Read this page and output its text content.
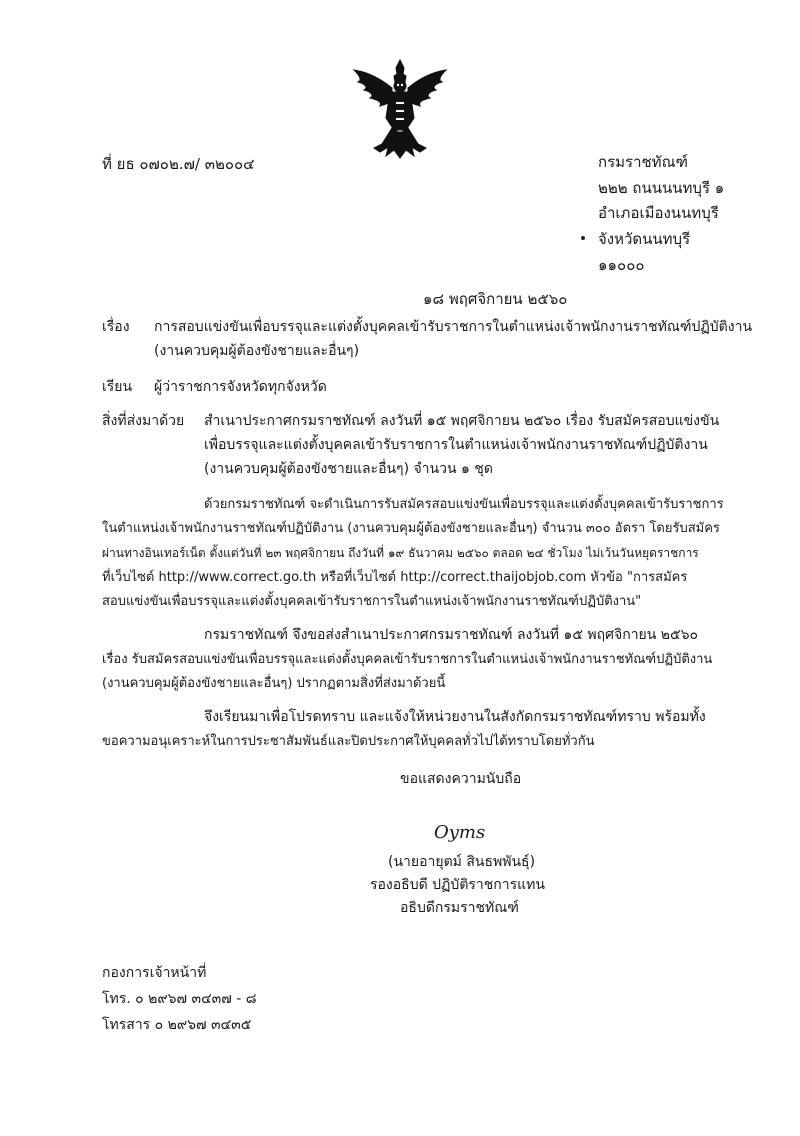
ที่ ยธ ๐๗๐๒.๗/ ๓๒๐๐๔	กรมราชทัณฑ์
๒๒๒ ถนนนนทบุรี ๑
อำเภอเมืองนนทบุรี
จังหวัดนนทบุรี
๑๑๐๐๐
๑๘ พฤศจิกายน ๒๕๖๐
เรื่อง การสอบแข่งขันเพื่อบรรจุและแต่งตั้งบุคคลเข้ารับราชการในตำแหน่งเจ้าพนักงานราชทัณฑ์ปฏิบัติงาน
(งานควบคุมผู้ต้องขังชายและอื่นๆ)
เรียน ผู้ว่าราชการจังหวัดทุกจังหวัด
สิ่งที่ส่งมาด้วย สำเนาประกาศกรมราชทัณฑ์ ลงวันที่ ๑๕ พฤศจิกายน ๒๕๖๐ เรื่อง รับสมัครสอบแข่งขัน
เพื่อบรรจุและแต่งตั้งบุคคลเข้ารับราชการในตำแหน่งเจ้าพนักงานราชทัณฑ์ปฏิบัติงาน
(งานควบคุมผู้ต้องขังชายและอื่นๆ) จำนวน ๑ ชุด
ด้วยกรมราชทัณฑ์ จะดำเนินการรับสมัครสอบแข่งขันเพื่อบรรจุและแต่งตั้งบุคคลเข้ารับราชการ
ในตำแหน่งเจ้าพนักงานราชทัณฑ์ปฏิบัติงาน (งานควบคุมผู้ต้องขังชายและอื่นๆ) จำนวน ๓๐๐ อัตรา โดยรับสมัคร
ผ่านทางอินเทอร์เน็ต ตั้งแต่วันที่ ๒๓ พฤศจิกายน ถึงวันที่ ๑๙ ธันวาคม ๒๕๖๐ ตลอด ๒๔ ชั่วโมง ไม่เว้นวันหยุดราชการ
ที่เว็บไซต์ http://www.correct.go.th หรือที่เว็บไซต์ http://correct.thaijobjob.com หัวข้อ "การสมัคร
สอบแข่งขันเพื่อบรรจุและแต่งตั้งบุคคลเข้ารับราชการในตำแหน่งเจ้าพนักงานราชทัณฑ์ปฏิบัติงาน"
กรมราชทัณฑ์ จึงขอส่งสำเนาประกาศกรมราชทัณฑ์ ลงวันที่ ๑๕ พฤศจิกายน ๒๕๖๐
เรื่อง รับสมัครสอบแข่งขันเพื่อบรรจุและแต่งตั้งบุคคลเข้ารับราชการในตำแหน่งเจ้าพนักงานราชทัณฑ์ปฏิบัติงาน
(งานควบคุมผู้ต้องขังชายและอื่นๆ) ปรากฏตามสิ่งที่ส่งมาด้วยนี้
จึงเรียนมาเพื่อโปรดทราบ และแจ้งให้หน่วยงานในสังกัดกรมราชทัณฑ์ทราบ พร้อมทั้ง
ขอความอนุเคราะห์ในการประชาสัมพันธ์และปิดประกาศให้บุคคลทั่วไปได้ทราบโดยทั่วกัน
ขอแสดงความนับถือ
Oyms
(นายอายุตม์ สินธพพันธุ์)
รองอธิบดี ปฏิบัติราชการแทน
อธิบดีกรมราชทัณฑ์
กองการเจ้าหน้าที่
โทร. ๐ ๒๙๖๗ ๓๔๓๗ - ๘
โทรสาร ๐ ๒๙๖๗ ๓๔๓๕
